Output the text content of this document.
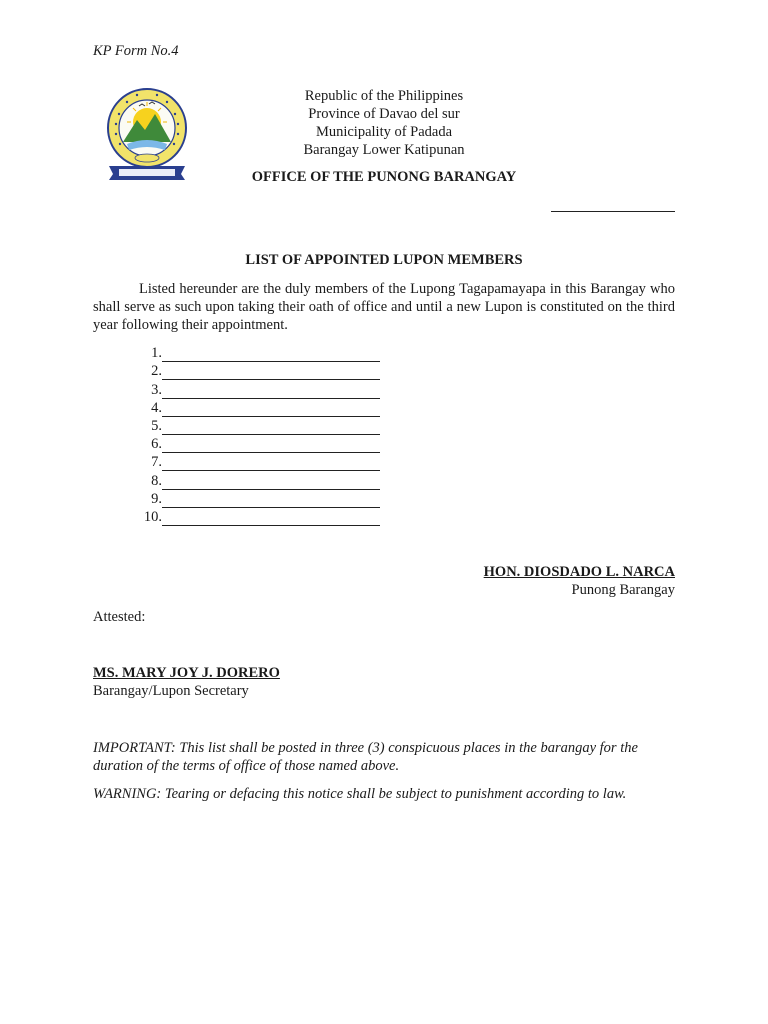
KP Form No.4
Republic of the Philippines
Province of Davao del sur
Municipality of Padada
Barangay Lower Katipunan
OFFICE OF THE PUNONG BARANGAY
LIST OF APPOINTED LUPON MEMBERS
Listed hereunder are the duly members of the Lupong Tagapamayapa in this Barangay who shall serve as such upon taking their oath of office and until a new Lupon is constituted on the third year following their appointment.
1.
2.
3.
4.
5.
6.
7.
8.
9.
10.
HON. DIOSDADO L. NARCA
Punong Barangay
Attested:
MS. MARY JOY J. DORERO
Barangay/Lupon Secretary
IMPORTANT: This list shall be posted in three (3) conspicuous places in the barangay for the duration of the terms of office of those named above.
WARNING: Tearing or defacing this notice shall be subject to punishment according to law.
